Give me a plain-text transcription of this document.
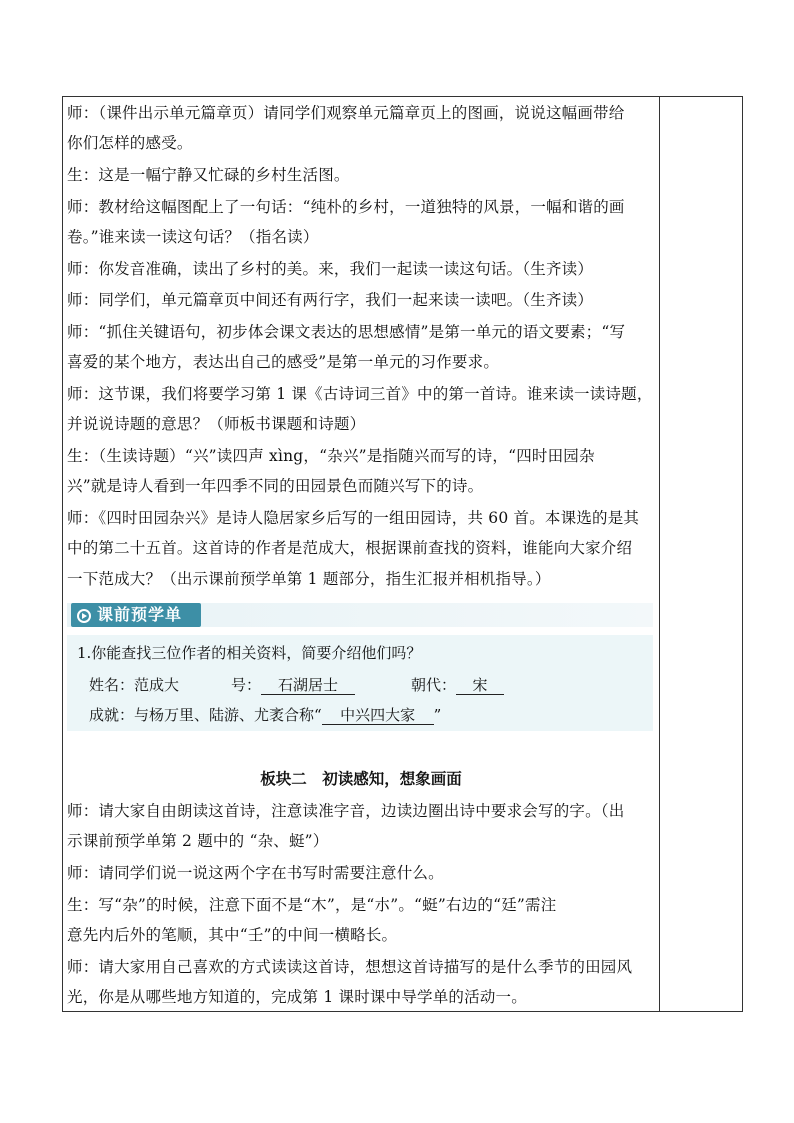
师：（课件出示单元篇章页）请同学们观察单元篇章页上的图画，说说这幅画带给
你们怎样的感受。
生：这是一幅宁静又忙碌的乡村生活图。
师：教材给这幅图配上了一句话：“纯朴的乡村，一道独特的风景，一幅和谐的画
卷。”谁来读一读这句话？（指名读）
师：你发音准确，读出了乡村的美。来，我们一起读一读这句话。（生齐读）
师：同学们，单元篇章页中间还有两行字，我们一起来读一读吧。（生齐读）
师：“抓住关键语句，初步体会课文表达的思想感情”是第一单元的语文要素；“写
喜爱的某个地方，表达出自己的感受”是第一单元的习作要求。
师：这节课，我们将要学习第 1 课《古诗词三首》中的第一首诗。谁来读一读诗题，
并说说诗题的意思？（师板书课题和诗题）
生：（生读诗题）“兴”读四声 xìng，“杂兴”是指随兴而写的诗，“四时田园杂
兴”就是诗人看到一年四季不同的田园景色而随兴写下的诗。
师：《四时田园杂兴》是诗人隐居家乡后写的一组田园诗，共 60 首。本课选的是其
中的第二十五首。这首诗的作者是范成大，根据课前查找的资料，谁能向大家介绍
一下范成大？（出示课前预学单第 1 题部分，指生汇报并相机指导。）
课前预学单
1.你能查找三位作者的相关资料，简要介绍他们吗？
姓名：范成大	号： 石湖居士	朝代： 宋
成就：与杨万里、陆游、尤袤合称“ 中兴四大家 ”
板块二　初读感知，想象画面
师：请大家自由朗读这首诗，注意读准字音，边读边圈出诗中要求会写的字。（出
示课前预学单第 2 题中的 “杂、蜓”）
师：请同学们说一说这两个字在书写时需要注意什么。
生：写“杂”的时候，注意下面不是“木”，是“朩”。“蜓”右边的“廷”需注
意先内后外的笔顺，其中“壬”的中间一横略长。
师：请大家用自己喜欢的方式读读这首诗，想想这首诗描写的是什么季节的田园风
光，你是从哪些地方知道的，完成第 1 课时课中导学单的活动一。
